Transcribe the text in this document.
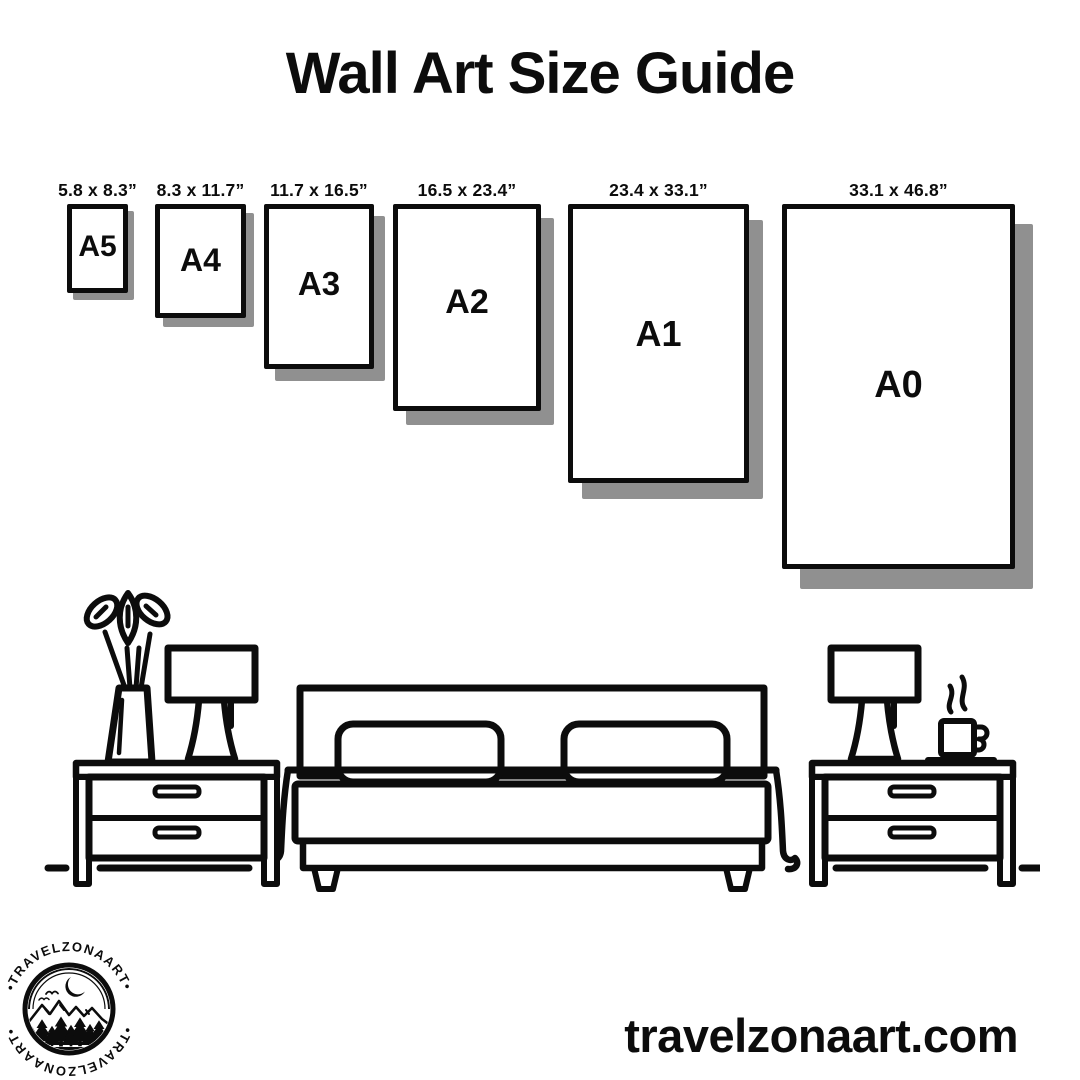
Wall Art Size Guide
5.8 x 8.3”
A5
8.3 x 11.7”
A4
11.7 x 16.5”
A3
16.5 x 23.4”
A2
23.4 x 33.1”
A1
33.1 x 46.8”
A0
•TRAVELZONAART•
•TRAVELZONAART•	travelzonaart.com
